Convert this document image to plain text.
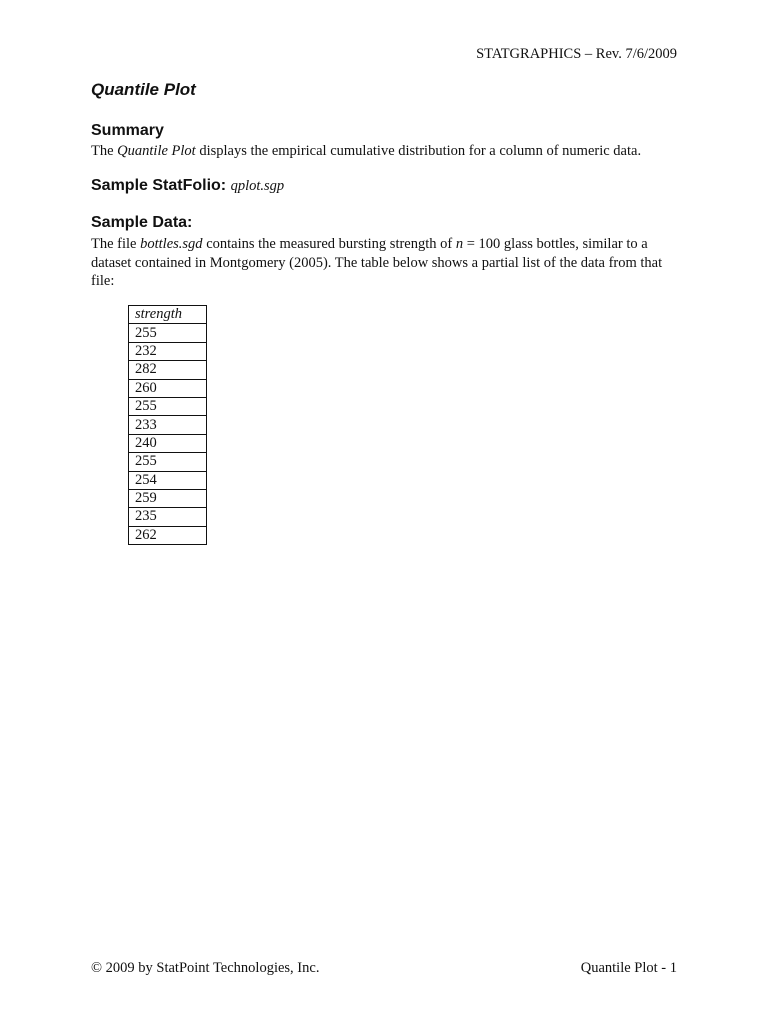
STATGRAPHICS – Rev. 7/6/2009
Quantile Plot
Summary
The Quantile Plot displays the empirical cumulative distribution for a column of numeric data.
Sample StatFolio: qplot.sgp
Sample Data:
The file bottles.sgd contains the measured bursting strength of n = 100 glass bottles, similar to a dataset contained in Montgomery (2005). The table below shows a partial list of the data from that file:
strength
255
232
282
260
255
233
240
255
254
259
235
262
© 2009 by StatPoint Technologies, Inc.	Quantile Plot - 1
